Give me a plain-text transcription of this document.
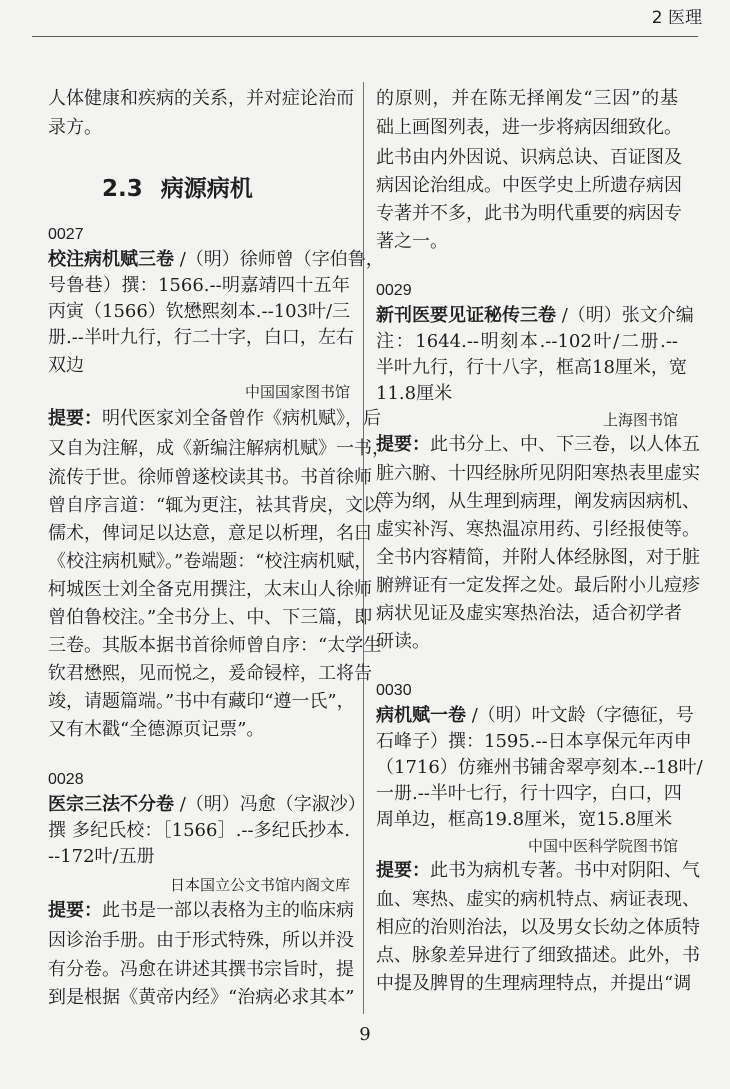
2 医理
人体健康和疾病的关系，并对症论治而
录方。
2.3 病源病机
0027
校注病机赋三卷 /（明）徐师曾（字伯鲁，
号鲁巷）撰：1566.--明嘉靖四十五年
丙寅（1566）钦懋熙刻本.--103叶/三
册.--半叶九行，行二十字，白口，左右
双边
中国国家图书馆
提要：明代医家刘全备曾作《病机赋》，后
又自为注解，成《新编注解病机赋》一书，
流传于世。徐师曾遂校读其书。书首徐师
曾自序言道：“辄为更注，袪其背戾，文以
儒术，俾词足以达意，意足以析理，名曰
《校注病机赋》。”卷端题：“校注病机赋，
柯城医士刘全备克用撰注，太末山人徐师
曾伯鲁校注。”全书分上、中、下三篇，即
三卷。其版本据书首徐师曾自序：“太学生
钦君懋熙，见而悦之，爰命锓梓，工将告
竣，请题篇端。”书中有藏印“遵一氏”，
又有木戳“全德源页记票”。
0028
医宗三法不分卷 /（明）冯愈（字淑沙）
撰 多纪氏校：［1566］.--多纪氏抄本.
--172叶/五册
日本国立公文书馆内阁文库
提要：此书是一部以表格为主的临床病
因诊治手册。由于形式特殊，所以并没
有分卷。冯愈在讲述其撰书宗旨时，提
到是根据《黄帝内经》“治病必求其本”
的原则，并在陈无择阐发“三因”的基
础上画图列表，进一步将病因细致化。
此书由内外因说、识病总诀、百证图及
病因论治组成。中医学史上所遗存病因
专著并不多，此书为明代重要的病因专
著之一。
0029
新刊医要见证秘传三卷 /（明）张文介编
注：1644.--明刻本.--102叶/二册.--
半叶九行，行十八字，框高18厘米，宽
11.8厘米
上海图书馆
提要：此书分上、中、下三卷，以人体五
脏六腑、十四经脉所见阴阳寒热表里虚实
等为纲，从生理到病理，阐发病因病机、
虚实补泻、寒热温凉用药、引经报使等。
全书内容精简，并附人体经脉图，对于脏
腑辨证有一定发挥之处。最后附小儿痘疹
病状见证及虚实寒热治法，适合初学者
研读。
0030
病机赋一卷 /（明）叶文龄（字德征，号
石峰子）撰：1595.--日本享保元年丙申
（1716）仿雍州书铺舍翠亭刻本.--18叶/
一册.--半叶七行，行十四字，白口，四
周单边，框高19.8厘米，宽15.8厘米
中国中医科学院图书馆
提要：此书为病机专著。书中对阴阳、气
血、寒热、虚实的病机特点、病证表现、
相应的治则治法，以及男女长幼之体质特
点、脉象差异进行了细致描述。此外，书
中提及脾胃的生理病理特点，并提出“调
9
